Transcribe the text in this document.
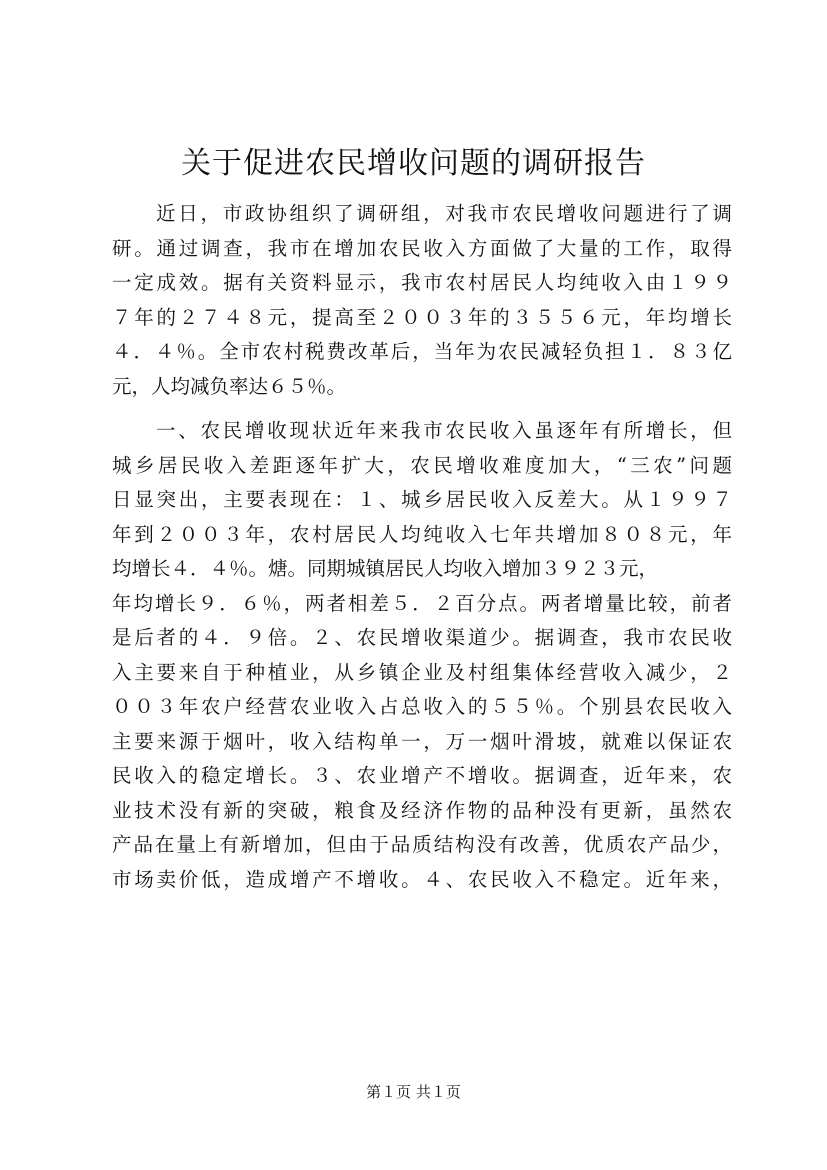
关于促进农民增收问题的调研报告
近日，市政协组织了调研组，对我市农民增收问题进行了调
研。通过调查，我市在增加农民收入方面做了大量的工作，取得
一定成效。据有关资料显示，我市农村居民人均纯收入由１９９
７年的２７４８元，提高至２００３年的３５５６元，年均增长
４．４％。全市农村税费改革后，当年为农民减轻负担１．８３亿
元，人均减负率达６５％。
一、农民增收现状近年来我市农民收入虽逐年有所增长，但
城乡居民收入差距逐年扩大，农民增收难度加大，“三农”问题
日显突出，主要表现在：１、城乡居民收入反差大。从１９９７
年到２００３年，农村居民人均纯收入七年共增加８０８元，年
均增长４．４％。煻。同期城镇居民人均收入增加３９２３元，
年均增长９．６％，两者相差５．２百分点。两者增量比较，前者
是后者的４．９倍。２、农民增收渠道少。据调查，我市农民收
入主要来自于种植业，从乡镇企业及村组集体经营收入减少，２
００３年农户经营农业收入占总收入的５５％。个别县农民收入
主要来源于烟叶，收入结构单一，万一烟叶滑坡，就难以保证农
民收入的稳定增长。３、农业增产不增收。据调查，近年来，农
业技术没有新的突破，粮食及经济作物的品种没有更新，虽然农
产品在量上有新增加，但由于品质结构没有改善，优质农产品少，
市场卖价低，造成增产不增收。４、农民收入不稳定。近年来，
第１页 共１页
